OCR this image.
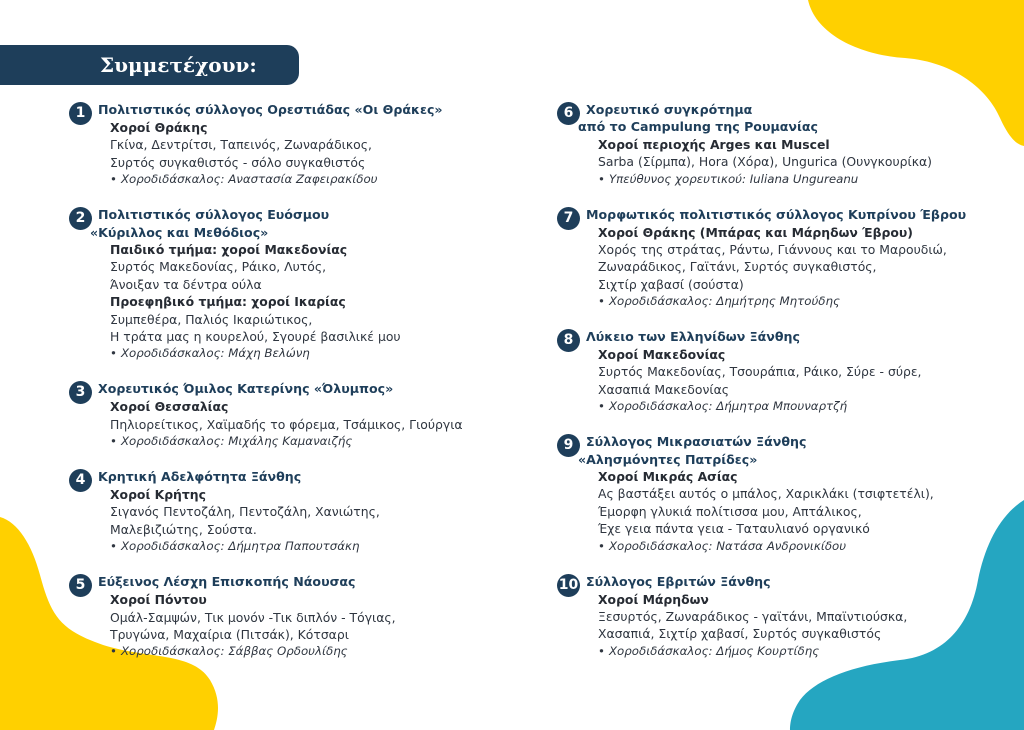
Συμμετέχουν:
1	Πολιτιστικός σύλλογος Ορεστιάδας «Οι Θράκες»
Χοροί Θράκης
Γκίνα, Δεντρίτσι, Ταπεινός, Ζωναράδικος,
Συρτός συγκαθιστός - σόλο συγκαθιστός
• Χοροδιδάσκαλος: Αναστασία Ζαφειρακίδου
2	Πολιτιστικός σύλλογος Ευόσμου
«Κύριλλος και Μεθόδιος»
Παιδικό τμήμα: χοροί Μακεδονίας
Συρτός Μακεδονίας, Ράικο, Λυτός,
Άνοιξαν τα δέντρα ούλα
Προεφηβικό τμήμα: χοροί Ικαρίας
Συμπεθέρα, Παλιός Ικαριώτικος,
Η τράτα μας η κουρελού, Σγουρέ βασιλικέ μου
• Χοροδιδάσκαλος: Μάχη Βελώνη
3	Χορευτικός Όμιλος Κατερίνης «Όλυμπος»
Χοροί Θεσσαλίας
Πηλιορείτικος, Χαϊμαδής το φόρεμα, Τσάμικος, Γιούργια
• Χοροδιδάσκαλος: Μιχάλης Καμαναιζής
4	Κρητική Αδελφότητα Ξάνθης
Χοροί Κρήτης
Σιγανός Πεντοζάλη, Πεντοζάλη, Χανιώτης,
Μαλεβιζιώτης, Σούστα.
• Χοροδιδάσκαλος: Δήμητρα Παπουτσάκη
5	Εύξεινος Λέσχη Επισκοπής Νάουσας
Χοροί Πόντου
Ομάλ-Σαμψών, Τικ μονόν -Τικ διπλόν - Τόγιας,
Τρυγώνα, Μαχαίρια (Πιτσάκ), Κότσαρι
• Χοροδιδάσκαλος: Σάββας Ορδουλίδης
6	Χορευτικό συγκρότημα
από το Campulung της Ρουμανίας
Χοροί περιοχής Arges και Muscel
Sarba (Σίρμπα), Hora (Χόρα), Ungurica (Ουνγκουρίκα)
• Υπεύθυνος χορευτικού: Iuliana Ungureanu
7	Μορφωτικός πολιτιστικός σύλλογος Κυπρίνου Έβρου
Χοροί Θράκης (Μπάρας και Μάρηδων Έβρου)
Χορός της στράτας, Ράντω, Γιάννους και το Μαρουδιώ,
Ζωναράδικος, Γαϊτάνι, Συρτός συγκαθιστός,
Σιχτίρ χαβασί (σούστα)
• Χοροδιδάσκαλος: Δημήτρης Μητούδης
8	Λύκειο των Ελληνίδων Ξάνθης
Χοροί Μακεδονίας
Συρτός Μακεδονίας, Τσουράπια, Ράικο, Σύρε - σύρε,
Χασαπιά Μακεδονίας
• Χοροδιδάσκαλος: Δήμητρα Μπουναρτζή
9	Σύλλογος Μικρασιατών Ξάνθης
«Αλησμόνητες Πατρίδες»
Χοροί Μικράς Ασίας
Ας βαστάξει αυτός ο μπάλος, Χαρικλάκι (τσιφτετέλι),
Έμορφη γλυκιά πολίτισσα μου, Απτάλικος,
Έχε γεια πάντα γεια - Ταταυλιανό οργανικό
• Χοροδιδάσκαλος: Νατάσα Ανδρονικίδου
10 Σύλλογος Εβριτών Ξάνθης
Χοροί Μάρηδων
Ξεσυρτός, Ζωναράδικος - γαϊτάνι, Μπαϊντιούσκα,
Χασαπιά, Σιχτίρ χαβασί, Συρτός συγκαθιστός
• Χοροδιδάσκαλος: Δήμος Κουρτίδης
